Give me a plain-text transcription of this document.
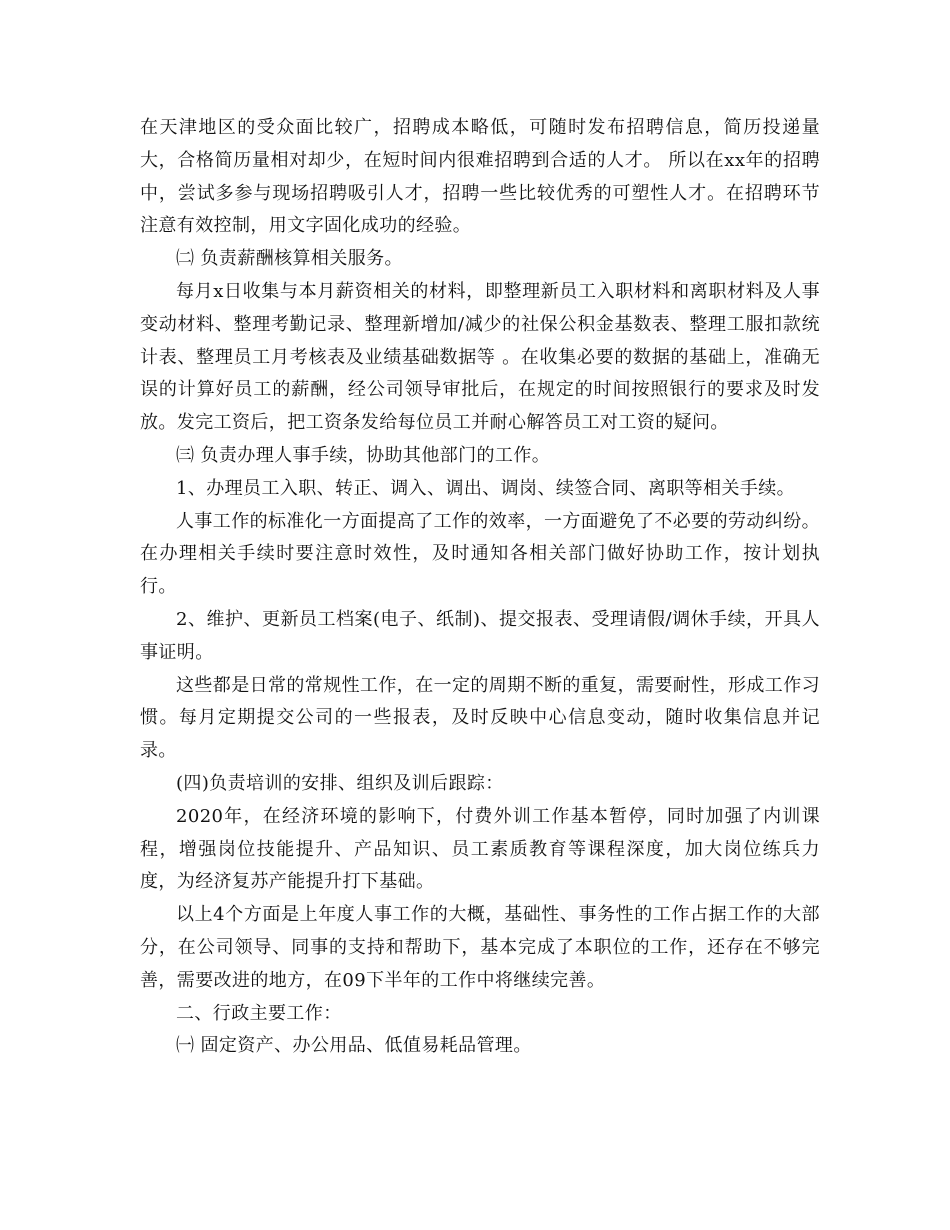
在天津地区的受众面比较广，招聘成本略低，可随时发布招聘信息，简历投递量大，合格简历量相对却少，在短时间内很难招聘到合适的人才。 所以在xx年的招聘中，尝试多参与现场招聘吸引人才，招聘一些比较优秀的可塑性人才。在招聘环节注意有效控制，用文字固化成功的经验。

㈡ 负责薪酬核算相关服务。

每月x日收集与本月薪资相关的材料，即整理新员工入职材料和离职材料及人事变动材料、整理考勤记录、整理新增加/减少的社保公积金基数表、整理工服扣款统计表、整理员工月考核表及业绩基础数据等 。在收集必要的数据的基础上，准确无误的计算好员工的薪酬，经公司领导审批后，在规定的时间按照银行的要求及时发放。发完工资后，把工资条发给每位员工并耐心解答员工对工资的疑问。

㈢ 负责办理人事手续，协助其他部门的工作。

1、办理员工入职、转正、调入、调出、调岗、续签合同、离职等相关手续。

人事工作的标准化一方面提高了工作的效率，一方面避免了不必要的劳动纠纷。在办理相关手续时要注意时效性，及时通知各相关部门做好协助工作，按计划执行。

2、维护、更新员工档案(电子、纸制)、提交报表、受理请假/调休手续，开具人事证明。

这些都是日常的常规性工作，在一定的周期不断的重复，需要耐性，形成工作习惯。每月定期提交公司的一些报表，及时反映中心信息变动，随时收集信息并记录。

(四)负责培训的安排、组织及训后跟踪：

2020年，在经济环境的影响下，付费外训工作基本暂停，同时加强了内训课程，增强岗位技能提升、产品知识、员工素质教育等课程深度，加大岗位练兵力度，为经济复苏产能提升打下基础。

以上4个方面是上年度人事工作的大概，基础性、事务性的工作占据工作的大部分，在公司领导、同事的支持和帮助下，基本完成了本职位的工作，还存在不够完善，需要改进的地方，在09下半年的工作中将继续完善。

二、行政主要工作：

㈠ 固定资产、办公用品、低值易耗品管理。
